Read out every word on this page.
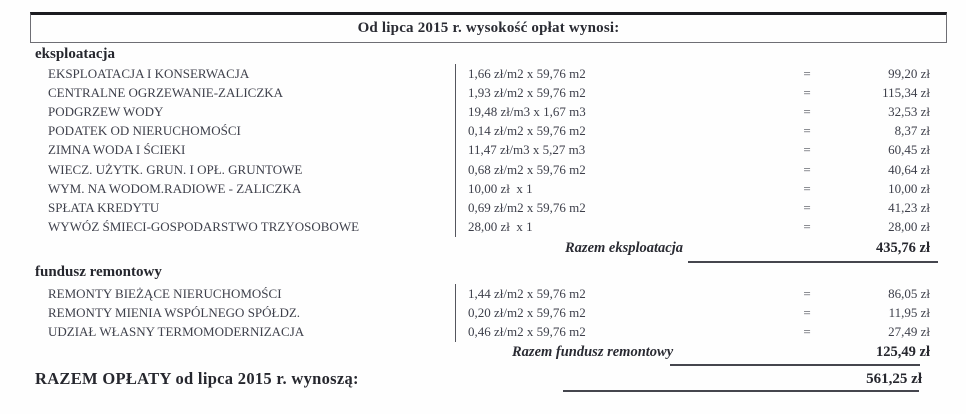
Od lipca 2015 r. wysokość opłat wynosi:
eksploatacja
EKSPLOATACJA I KONSERWACJA	1,66 zł/m2 x 59,76 m2	=	99,20 zł
CENTRALNE OGRZEWANIE-ZALICZKA	1,93 zł/m2 x 59,76 m2	=	115,34 zł
PODGRZEW WODY	19,48 zł/m3 x 1,67 m3	=	32,53 zł
PODATEK OD NIERUCHOMOŚCI	0,14 zł/m2 x 59,76 m2	=	8,37 zł
ZIMNA WODA I ŚCIEKI	11,47 zł/m3 x 5,27 m3	=	60,45 zł
WIECZ. UŻYTK. GRUN. I OPŁ. GRUNTOWE	0,68 zł/m2 x 59,76 m2	=	40,64 zł
WYM. NA WODOM.RADIOWE - ZALICZKA	10,00 zł  x 1	=	10,00 zł
SPŁATA KREDYTU	0,69 zł/m2 x 59,76 m2	=	41,23 zł
WYWÓZ ŚMIECI-GOSPODARSTWO TRZYOSOBOWE	28,00 zł  x 1	=	28,00 zł
Razem eksploatacja	435,76 zł
fundusz remontowy
REMONTY BIEŻĄCE NIERUCHOMOŚCI	1,44 zł/m2 x 59,76 m2	=	86,05 zł
REMONTY MIENIA WSPÓLNEGO SPÓŁDZ.	0,20 zł/m2 x 59,76 m2	=	11,95 zł
UDZIAŁ WŁASNY TERMOMODERNIZACJA	0,46 zł/m2 x 59,76 m2	=	27,49 zł
Razem fundusz remontowy	125,49 zł
RAZEM OPŁATY od lipca 2015 r. wynoszą:	561,25 zł
